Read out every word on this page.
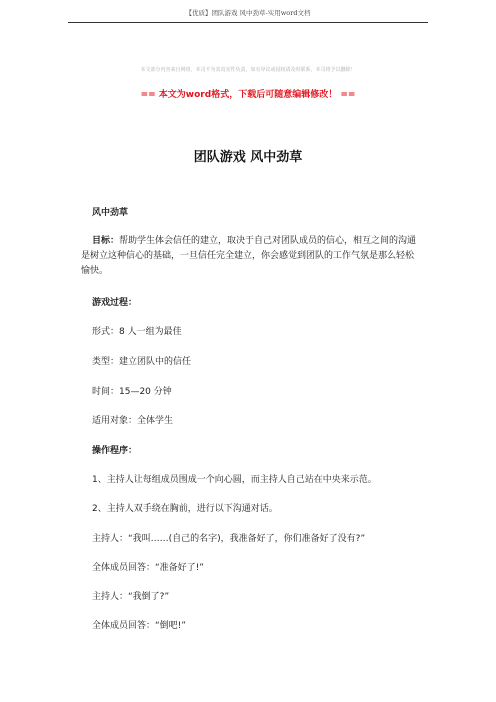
【优质】团队游戏 风中劲草-实用word文档
本文部分内容来自网络，本司不为其真实性负责，如有异议或侵权请及时联系，本司将予以删除！
== 本文为word格式，下载后可随意编辑修改！ ==
团队游戏 风中劲草
风中劲草
目标：帮助学生体会信任的建立，取决于自己对团队成员的信心，相互之间的沟通是树立这种信心的基础，一旦信任完全建立，你会感觉到团队的工作气氛是那么轻松愉快。
游戏过程：
形式：8 人一组为最佳
类型：建立团队中的信任
时间：15—20 分钟
适用对象：全体学生
操作程序：
1、主持人让每组成员围成一个向心圆，而主持人自己站在中央来示范。
2、主持人双手绕在胸前，进行以下沟通对话。
主持人：“我叫……(自己的名字)，我准备好了，你们准备好了没有?”
全体成员回答：“准备好了!”
主持人：“我倒了?”
全体成员回答：“倒吧!”
